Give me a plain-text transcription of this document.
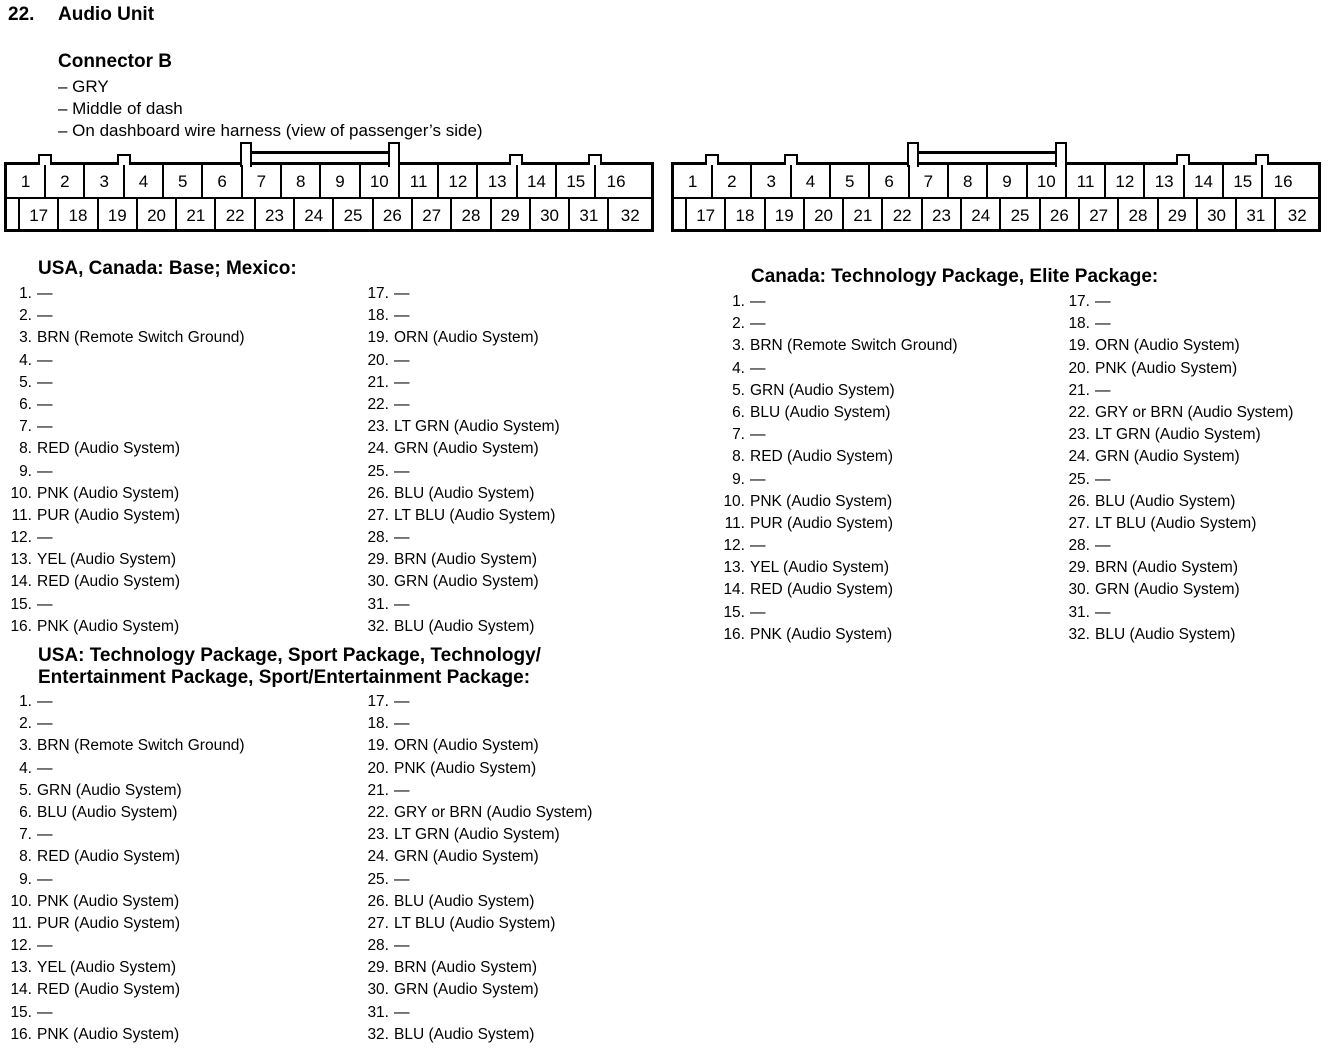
22. Audio Unit
Connector B
– GRY
– Middle of dash
– On dashboard wire harness (view of passenger’s side)
1	2	3	4	5	6	7	8	9	10	11	12	13	14	15	16
17	18	19	20	21	22	23	24	25	26	27	28	29	30	31	32
1	2	3	4	5	6	7	8	9	10	11	12	13	14	15	16
17	18	19	20	21	22	23	24	25	26	27	28	29	30	31	32
USA, Canada: Base; Mexico:
1. —
2. —
3. BRN (Remote Switch Ground)
4. —
5. —
6. —
7. —
8. RED (Audio System)
9. —
10. PNK (Audio System)
11. PUR (Audio System)
12. —
13. YEL (Audio System)
14. RED (Audio System)
15. —
16. PNK (Audio System)
17. —
18. —
19. ORN (Audio System)
20. —
21. —
22. —
23. LT GRN (Audio System)
24. GRN (Audio System)
25. —
26. BLU (Audio System)
27. LT BLU (Audio System)
28. —
29. BRN (Audio System)
30. GRN (Audio System)
31. —
32. BLU (Audio System)
USA: Technology Package, Sport Package, Technology/
Entertainment Package, Sport/Entertainment Package:
1. —
2. —
3. BRN (Remote Switch Ground)
4. —
5. GRN (Audio System)
6. BLU (Audio System)
7. —
8. RED (Audio System)
9. —
10. PNK (Audio System)
11. PUR (Audio System)
12. —
13. YEL (Audio System)
14. RED (Audio System)
15. —
16. PNK (Audio System)
17. —
18. —
19. ORN (Audio System)
20. PNK (Audio System)
21. —
22. GRY or BRN (Audio System)
23. LT GRN (Audio System)
24. GRN (Audio System)
25. —
26. BLU (Audio System)
27. LT BLU (Audio System)
28. —
29. BRN (Audio System)
30. GRN (Audio System)
31. —
32. BLU (Audio System)
Canada: Technology Package, Elite Package:
1. —
2. —
3. BRN (Remote Switch Ground)
4. —
5. GRN (Audio System)
6. BLU (Audio System)
7. —
8. RED (Audio System)
9. —
10. PNK (Audio System)
11. PUR (Audio System)
12. —
13. YEL (Audio System)
14. RED (Audio System)
15. —
16. PNK (Audio System)
17. —
18. —
19. ORN (Audio System)
20. PNK (Audio System)
21. —
22. GRY or BRN (Audio System)
23. LT GRN (Audio System)
24. GRN (Audio System)
25. —
26. BLU (Audio System)
27. LT BLU (Audio System)
28. —
29. BRN (Audio System)
30. GRN (Audio System)
31. —
32. BLU (Audio System)
